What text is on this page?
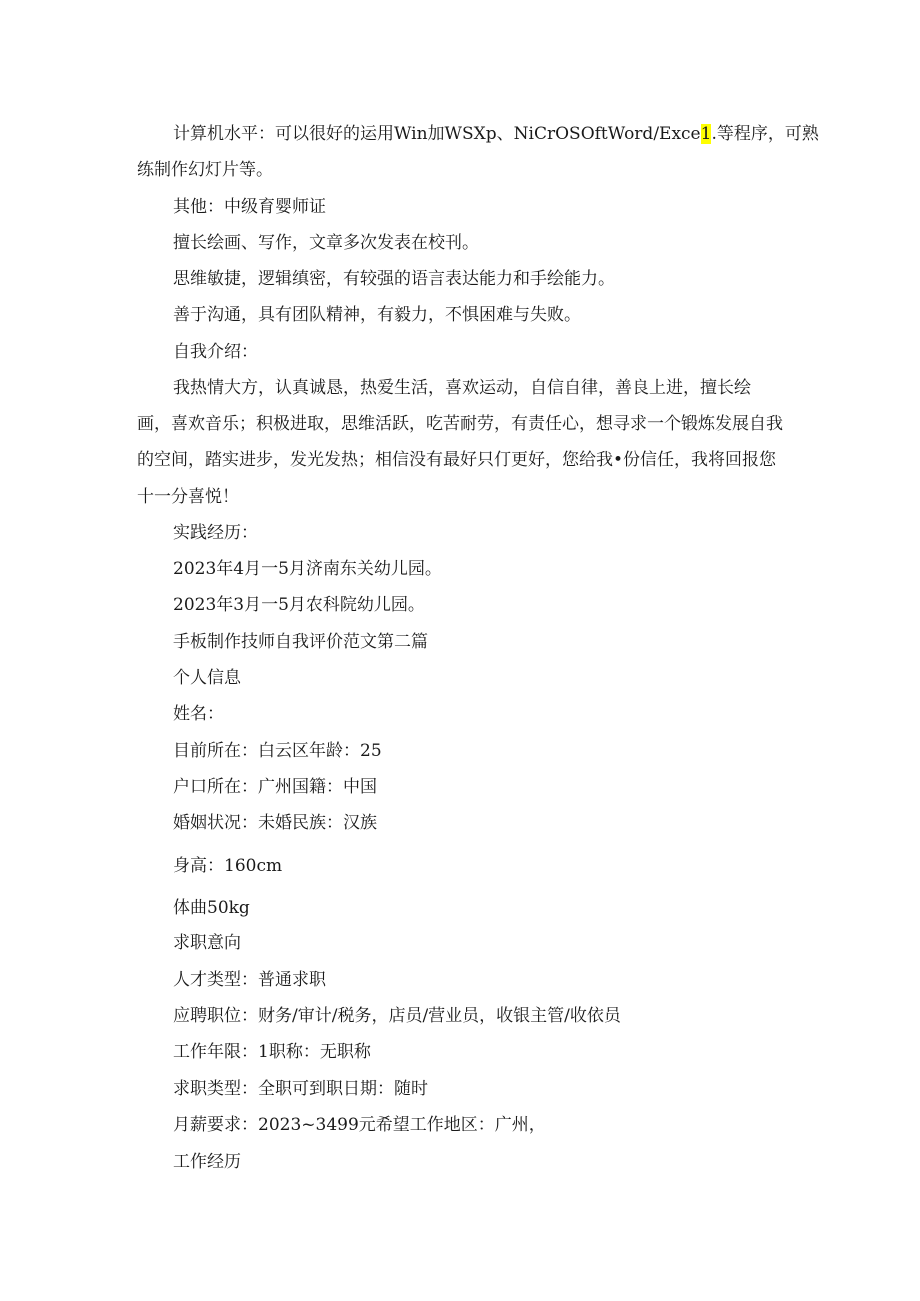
计算机水平：可以很好的运用Win加WSXp、NiCrOSOftWord/Exce1.等程序，可熟

练制作幻灯片等。

其他：中级育婴师证

擅长绘画、写作，文章多次发表在校刊。

思维敏捷，逻辑缜密，有较强的语言表达能力和手绘能力。

善于沟通，具有团队精神，有毅力，不惧困难与失败。

自我介绍：

我热情大方，认真诚恳，热爱生活，喜欢运动，自信自律，善良上进，擅长绘

画，喜欢音乐；积极进取，思维活跃，吃苦耐劳，有责任心，想寻求一个锻炼发展自我

的空间，踏实进步，发光发热；相信没有最好只仃更好，您给我•份信任，我将回报您

十一分喜悦！

实践经历：

2023年4月一5月济南东关幼儿园。

2023年3月一5月农科院幼儿园。

手板制作技师自我评价范文第二篇

个人信息

姓名：

目前所在：白云区年龄：25

户口所在：广州国籍：中国

婚姻状况：未婚民族：汉族

身高：160cm

体曲50kg

求职意向

人才类型：普通求职

应聘职位：财务/审计/税务，店员/营业员，收银主管/收依员

工作年限：1职称：无职称

求职类型：全职可到职日期：随时

月薪要求：2023~3499元希望工作地区：广州，

工作经历
